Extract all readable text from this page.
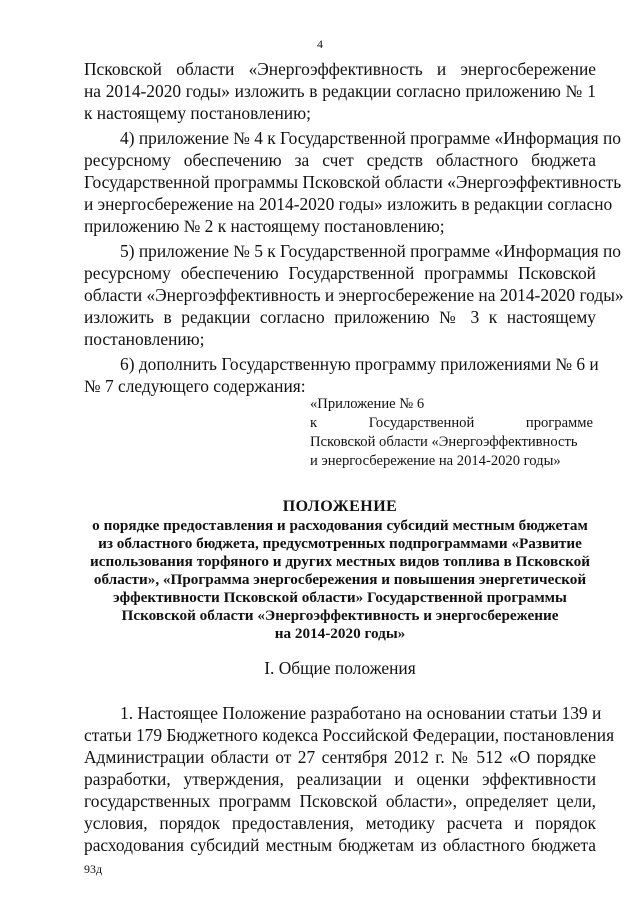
4
Псковской области «Энергоэффективность и энергосбережение
на 2014-2020 годы» изложить в редакции согласно приложению № 1
к настоящему постановлению;
4) приложение № 4 к Государственной программе «Информация по
ресурсному обеспечению за счет средств областного бюджета
Государственной программы Псковской области «Энергоэффективность
и энергосбережение на 2014-2020 годы» изложить в редакции согласно
приложению № 2 к настоящему постановлению;
5) приложение № 5 к Государственной программе «Информация по
ресурсному обеспечению Государственной программы Псковской
области «Энергоэффективность и энергосбережение на 2014-2020 годы»
изложить в редакции согласно приложению № 3 к настоящему
постановлению;
6) дополнить Государственную программу приложениями № 6 и
№ 7 следующего содержания:
«Приложение № 6
к Государственной программе
Псковской области «Энергоэффективность
и энергосбережение на 2014-2020 годы»
ПОЛОЖЕНИЕ
о порядке предоставления и расходования субсидий местным бюджетам
из областного бюджета, предусмотренных подпрограммами «Развитие
использования торфяного и других местных видов топлива в Псковской
области», «Программа энергосбережения и повышения энергетической
эффективности Псковской области» Государственной программы
Псковской области «Энергоэффективность и энергосбережение
на 2014-2020 годы»
I. Общие положения
1. Настоящее Положение разработано на основании статьи 139 и
статьи 179 Бюджетного кодекса Российской Федерации, постановления
Администрации области от 27 сентября 2012 г. № 512 «О порядке
разработки, утверждения, реализации и оценки эффективности
государственных программ Псковской области», определяет цели,
условия, порядок предоставления, методику расчета и порядок
расходования субсидий местным бюджетам из областного бюджета
93д
